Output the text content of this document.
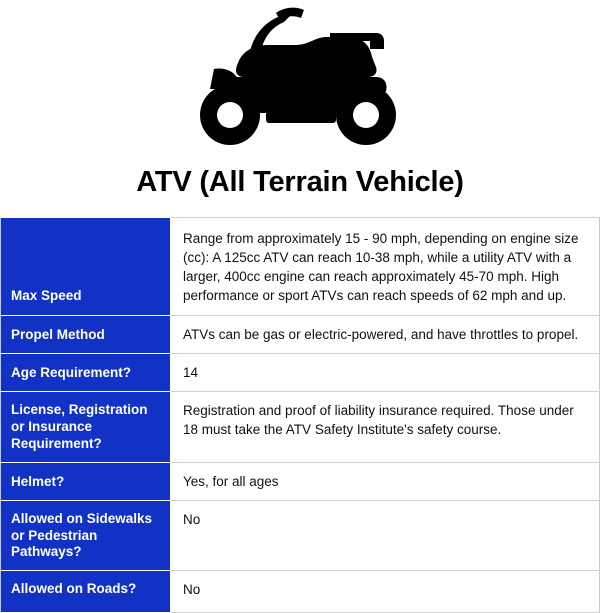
ATV (All Terrain Vehicle)
Max Speed	Range from approximately 15 - 90 mph, depending on engine size (cc): A 125cc ATV can reach 10-38 mph, while a utility ATV with a larger, 400cc engine can reach approximately 45-70 mph. High performance or sport ATVs can reach speeds of 62 mph and up.
Propel Method	ATVs can be gas or electric-powered, and have throttles to propel.
Age Requirement?	14
License, Registration or Insurance Requirement?	Registration and proof of liability insurance required. Those under 18 must take the ATV Safety Institute's safety course.
Helmet?	Yes, for all ages
Allowed on Sidewalks or Pedestrian Pathways?	No
Allowed on Roads?	No
